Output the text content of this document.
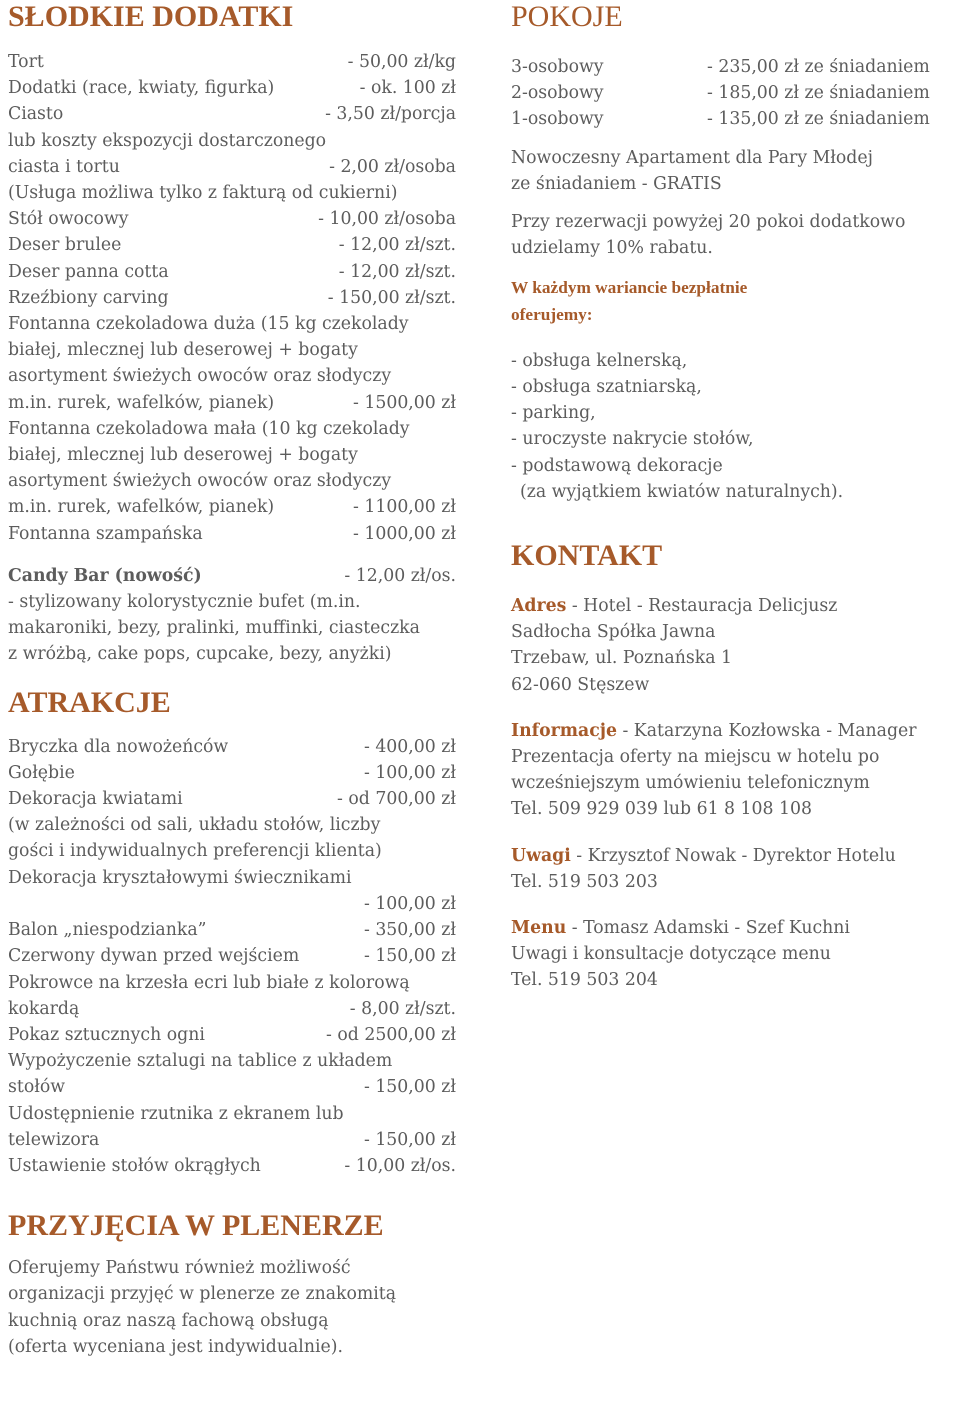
SŁODKIE DODATKI
Tort	- 50,00 zł/kg
Dodatki (race, kwiaty, figurka)	- ok. 100 zł
Ciasto	- 3,50 zł/porcja
lub koszty ekspozycji dostarczonego
ciasta i tortu	- 2,00 zł/osoba
(Usługa możliwa tylko z fakturą od cukierni)
Stół owocowy	- 10,00 zł/osoba
Deser brulee	- 12,00 zł/szt.
Deser panna cotta	- 12,00 zł/szt.
Rzeźbiony carving	- 150,00 zł/szt.
Fontanna czekoladowa duża (15 kg czekolady
białej, mlecznej lub deserowej + bogaty
asortyment świeżych owoców oraz słodyczy
m.in. rurek, wafelków, pianek)	- 1500,00 zł
Fontanna czekoladowa mała (10 kg czekolady
białej, mlecznej lub deserowej + bogaty
asortyment świeżych owoców oraz słodyczy
m.in. rurek, wafelków, pianek)	- 1100,00 zł
Fontanna szampańska	- 1000,00 zł
Candy Bar (nowość)	- 12,00 zł/os.
- stylizowany kolorystycznie bufet (m.in.
makaroniki, bezy, pralinki, muffinki, ciasteczka
z wróżbą, cake pops, cupcake, bezy, anyżki)
ATRAKCJE
Bryczka dla nowożeńców	- 400,00 zł
Gołębie	- 100,00 zł
Dekoracja kwiatami	- od 700,00 zł
(w zależności od sali, układu stołów, liczby
gości i indywidualnych preferencji klienta)
Dekoracja kryształowymi świecznikami
- 100,00 zł
Balon „niespodzianka”	- 350,00 zł
Czerwony dywan przed wejściem	- 150,00 zł
Pokrowce na krzesła ecri lub białe z kolorową
kokardą	- 8,00 zł/szt.
Pokaz sztucznych ogni	- od 2500,00 zł
Wypożyczenie sztalugi na tablice z układem
stołów	- 150,00 zł
Udostępnienie rzutnika z ekranem lub
telewizora	- 150,00 zł
Ustawienie stołów okrągłych	- 10,00 zł/os.
PRZYJĘCIA W PLENERZE
Oferujemy Państwu również możliwość
organizacji przyjęć w plenerze ze znakomitą
kuchnią oraz naszą fachową obsługą
(oferta wyceniana jest indywidualnie).
POKOJE
3-osobowy	- 235,00 zł ze śniadaniem
2-osobowy	- 185,00 zł ze śniadaniem
1-osobowy	- 135,00 zł ze śniadaniem
Nowoczesny Apartament dla Pary Młodej
ze śniadaniem - GRATIS
Przy rezerwacji powyżej 20 pokoi dodatkowo
udzielamy 10% rabatu.
W każdym wariancie bezpłatnie
oferujemy:
- obsługa kelnerską,
- obsługa szatniarską,
- parking,
- uroczyste nakrycie stołów,
- podstawową dekoracje
(za wyjątkiem kwiatów naturalnych).
KONTAKT
Adres - Hotel - Restauracja Delicjusz
Sadłocha Spółka Jawna
Trzebaw, ul. Poznańska 1
62-060 Stęszew
Informacje - Katarzyna Kozłowska - Manager
Prezentacja oferty na miejscu w hotelu po
wcześniejszym umówieniu telefonicznym
Tel. 509 929 039 lub 61 8 108 108
Uwagi - Krzysztof Nowak - Dyrektor Hotelu
Tel. 519 503 203
Menu - Tomasz Adamski - Szef Kuchni
Uwagi i konsultacje dotyczące menu
Tel. 519 503 204
